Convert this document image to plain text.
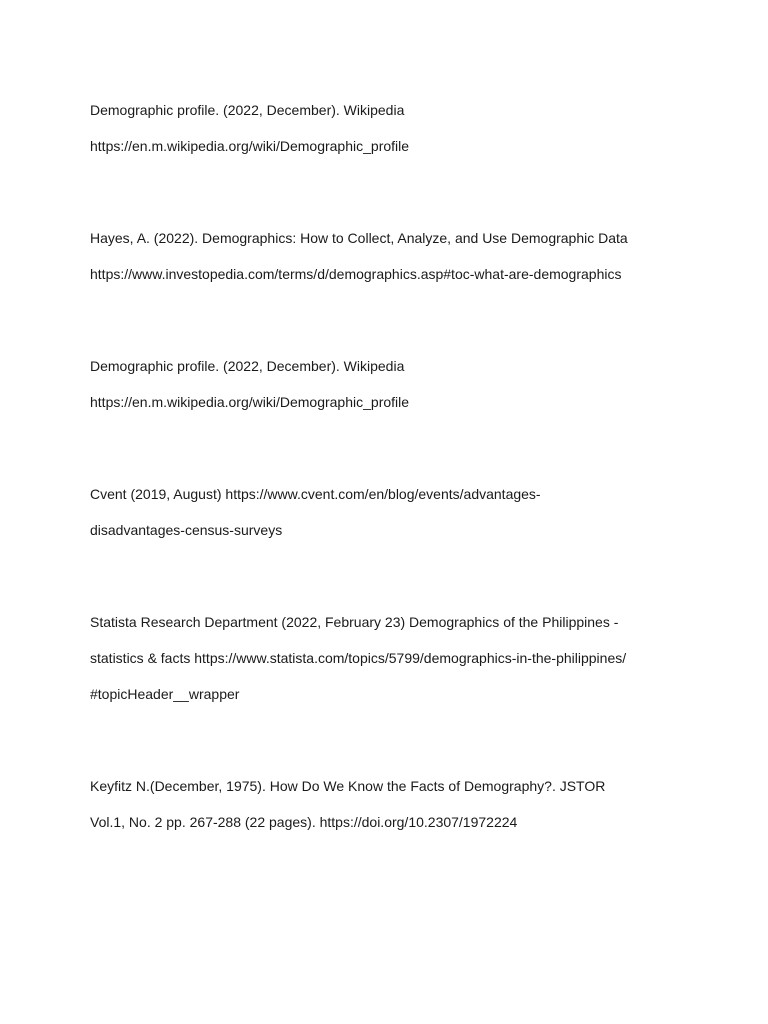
Demographic profile. (2022, December). Wikipedia
https://en.m.wikipedia.org/wiki/Demographic_profile
Hayes, A. (2022). Demographics: How to Collect, Analyze, and Use Demographic Data
https://www.investopedia.com/terms/d/demographics.asp#toc-what-are-demographics
Demographic profile. (2022, December). Wikipedia
https://en.m.wikipedia.org/wiki/Demographic_profile
Cvent (2019, August) https://www.cvent.com/en/blog/events/advantages-
disadvantages-census-surveys
Statista Research Department (2022, February 23) Demographics of the Philippines -
statistics & facts https://www.statista.com/topics/5799/demographics-in-the-philippines/
#topicHeader__wrapper
Keyfitz N.(December, 1975). How Do We Know the Facts of Demography?. JSTOR
Vol.1, No. 2 pp. 267-288 (22 pages). https://doi.org/10.2307/1972224
